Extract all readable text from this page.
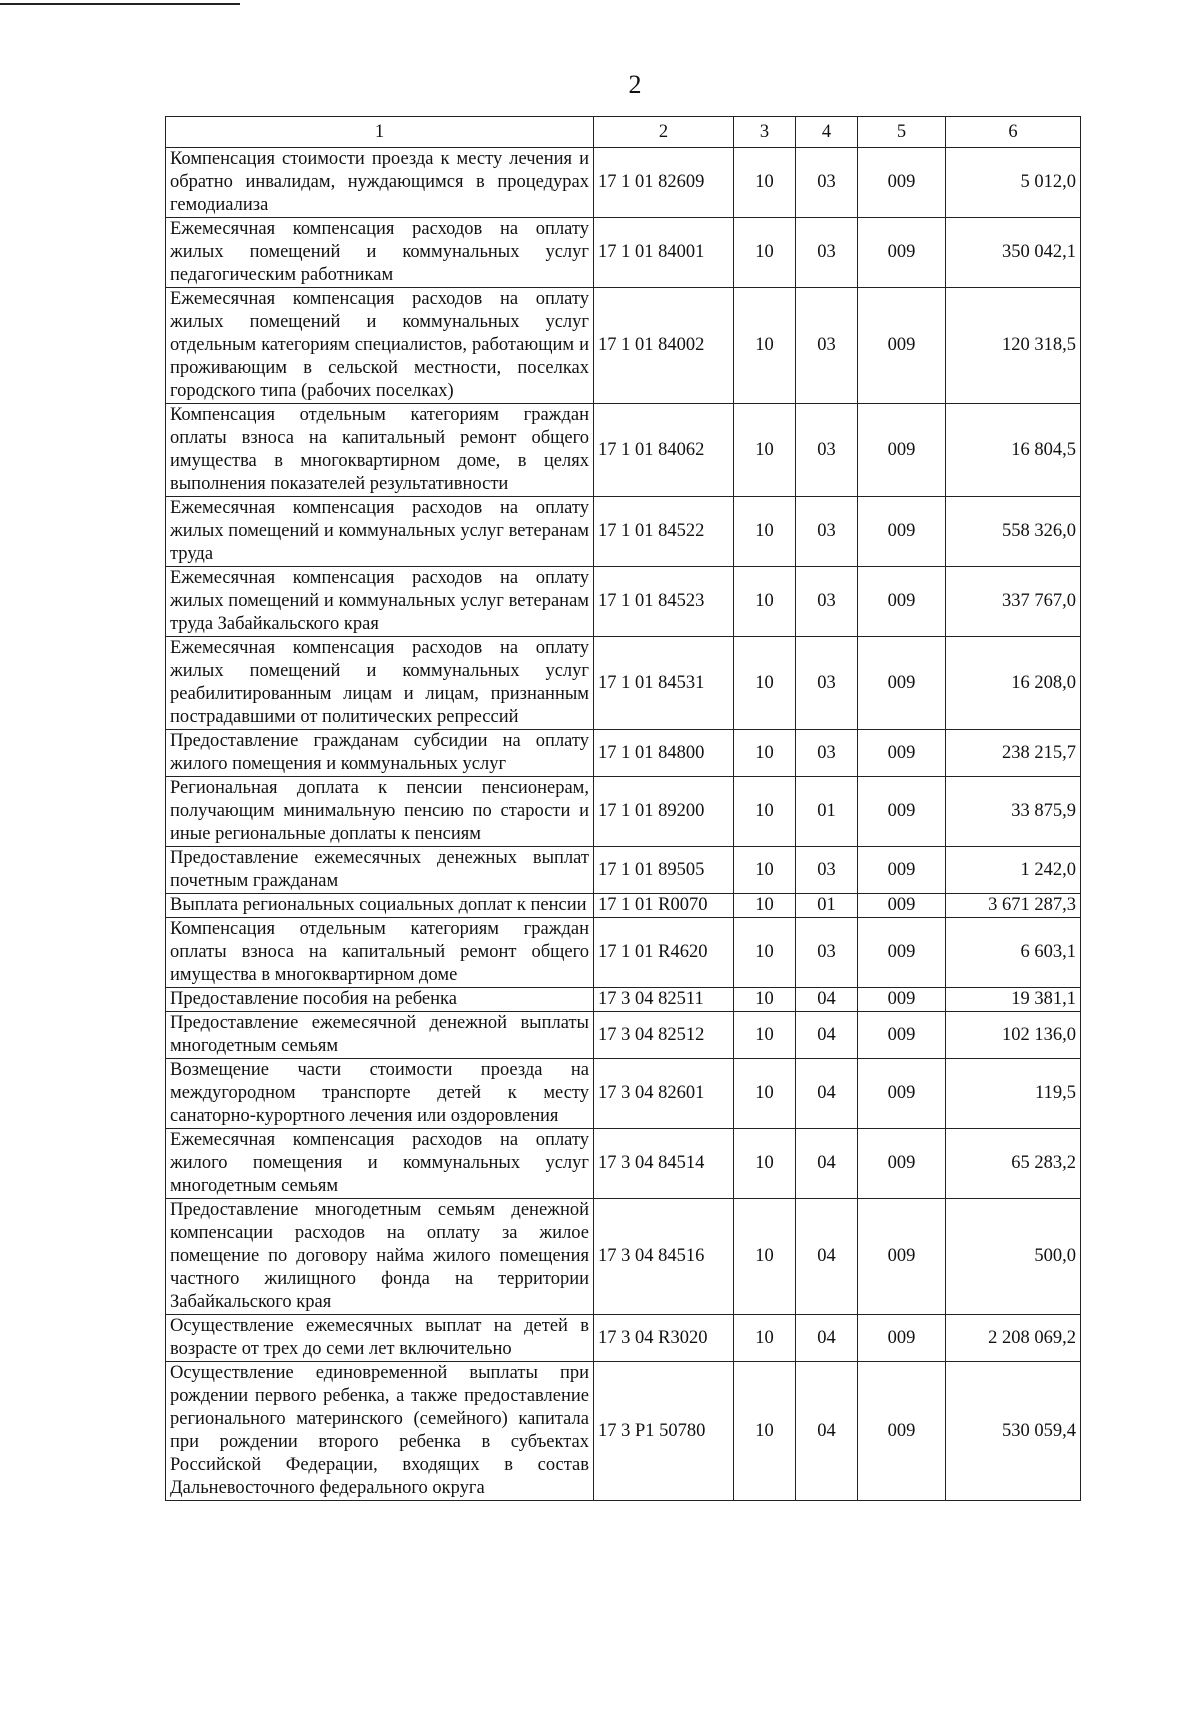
2
1	2	3	4	5	6
Компенсация стоимости проезда к месту лечения и обратно инвалидам, нуждающимся в процедурах гемодиализа	17 1 01 82609	10	03	009	5 012,0
Ежемесячная компенсация расходов на оплату жилых помещений и коммунальных услуг педагогическим работникам	17 1 01 84001	10	03	009	350 042,1
Ежемесячная компенсация расходов на оплату жилых помещений и коммунальных услуг отдельным категориям специалистов, работающим и проживающим в сельской местности, поселках городского типа (рабочих поселках)	17 1 01 84002	10	03	009	120 318,5
Компенсация отдельным категориям граждан оплаты взноса на капитальный ремонт общего имущества в многоквартирном доме, в целях выполнения показателей результативности	17 1 01 84062	10	03	009	16 804,5
Ежемесячная компенсация расходов на оплату жилых помещений и коммунальных услуг ветеранам труда	17 1 01 84522	10	03	009	558 326,0
Ежемесячная компенсация расходов на оплату жилых помещений и коммунальных услуг ветеранам труда Забайкальского края	17 1 01 84523	10	03	009	337 767,0
Ежемесячная компенсация расходов на оплату жилых помещений и коммунальных услуг реабилитированным лицам и лицам, признанным пострадавшими от политических репрессий	17 1 01 84531	10	03	009	16 208,0
Предоставление гражданам субсидии на оплату жилого помещения и коммунальных услуг	17 1 01 84800	10	03	009	238 215,7
Региональная доплата к пенсии пенсионерам, получающим минимальную пенсию по старости и иные региональные доплаты к пенсиям	17 1 01 89200	10	01	009	33 875,9
Предоставление ежемесячных денежных выплат почетным гражданам	17 1 01 89505	10	03	009	1 242,0
Выплата региональных социальных доплат к пенсии	17 1 01 R0070	10	01	009	3 671 287,3
Компенсация отдельным категориям граждан оплаты взноса на капитальный ремонт общего имущества в многоквартирном доме	17 1 01 R4620	10	03	009	6 603,1
Предоставление пособия на ребенка	17 3 04 82511	10	04	009	19 381,1
Предоставление ежемесячной денежной выплаты многодетным семьям	17 3 04 82512	10	04	009	102 136,0
Возмещение части стоимости проезда на междугородном транспорте детей к месту санаторно-курортного лечения или оздоровления	17 3 04 82601	10	04	009	119,5
Ежемесячная компенсация расходов на оплату жилого помещения и коммунальных услуг многодетным семьям	17 3 04 84514	10	04	009	65 283,2
Предоставление многодетным семьям денежной компенсации расходов на оплату за жилое помещение по договору найма жилого помещения частного жилищного фонда на территории Забайкальского края	17 3 04 84516	10	04	009	500,0
Осуществление ежемесячных выплат на детей в возрасте от трех до семи лет включительно	17 3 04 R3020	10	04	009	2 208 069,2
Осуществление единовременной выплаты при рождении первого ребенка, а также предоставление регионального материнского (семейного) капитала при рождении второго ребенка в субъектах Российской Федерации, входящих в состав Дальневосточного федерального округа	17 3 P1 50780	10	04	009	530 059,4
